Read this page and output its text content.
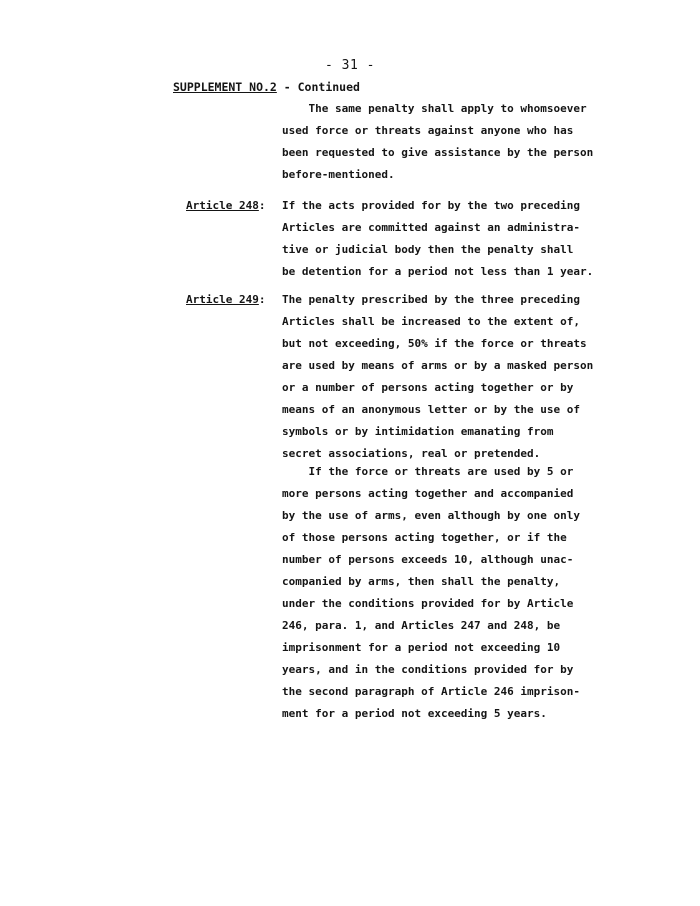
- 31 -
SUPPLEMENT NO.2 - Continued
The same penalty shall apply to whomsoever
used force or threats against anyone who has
been requested to give assistance by the person
before-mentioned.
Article 248: If the acts provided for by the two preceding
Articles are committed against an administra-
tive or judicial body then the penalty shall
be detention for a period not less than 1 year.
Article 249: The penalty prescribed by the three preceding
Articles shall be increased to the extent of,
but not exceeding, 50% if the force or threats
are used by means of arms or by a masked person
or a number of persons acting together or by
means of an anonymous letter or by the use of
symbols or by intimidation emanating from
secret associations, real or pretended.
If the force or threats are used by 5 or
more persons acting together and accompanied
by the use of arms, even although by one only
of those persons acting together, or if the
number of persons exceeds 10, although unac-
companied by arms, then shall the penalty,
under the conditions provided for by Article
246, para. 1, and Articles 247 and 248, be
imprisonment for a period not exceeding 10
years, and in the conditions provided for by
the second paragraph of Article 246 imprison-
ment for a period not exceeding 5 years.
